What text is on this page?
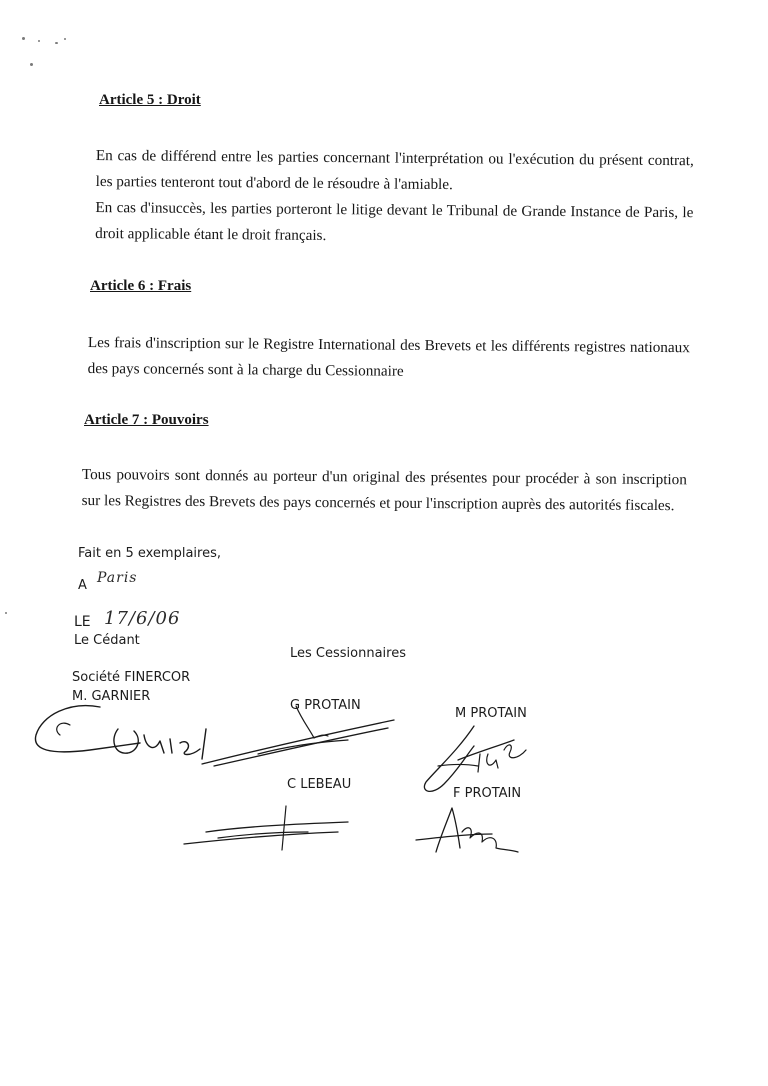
Article 5 : Droit

En cas de différend entre les parties concernant l'interprétation ou l'exécution du présent contrat, les parties tenteront tout d'abord de le résoudre à l'amiable.

En cas d'insuccès, les parties porteront le litige devant le Tribunal de Grande Instance de Paris, le droit applicable étant le droit français.

Article 6 : Frais

Les frais d'inscription sur le Registre International des Brevets et les différents registres nationaux des pays concernés sont à la charge du Cessionnaire

Article 7 : Pouvoirs

Tous pouvoirs sont donnés au porteur d'un original des présentes pour procéder à son inscription sur les Registres des Brevets des pays concernés et pour l'inscription auprès des autorités fiscales.

Fait en 5 exemplaires,
A Paris
LE 17/6/06
Le Cédant
Société FINERCOR
M. GARNIER
Les Cessionnaires
G PROTAIN
M PROTAIN
C LEBEAU
F PROTAIN
